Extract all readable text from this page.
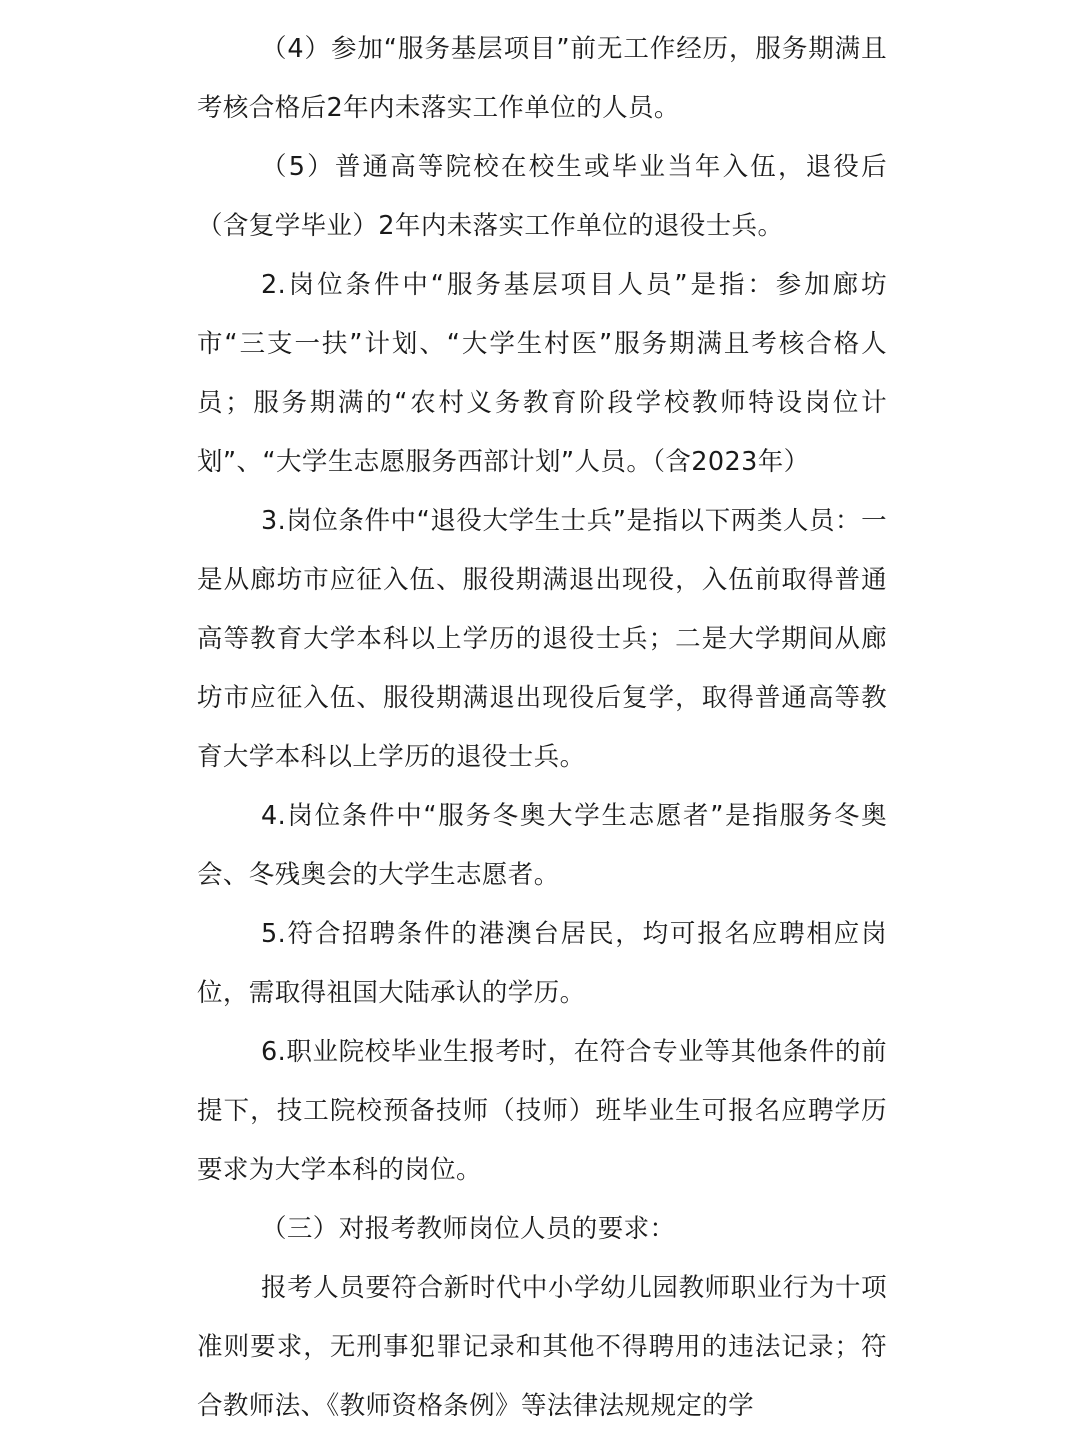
（4）参加“服务基层项目”前无工作经历，服务期满且考核合格后2年内未落实工作单位的人员。

（5）普通高等院校在校生或毕业当年入伍，退役后（含复学毕业）2年内未落实工作单位的退役士兵。

2.岗位条件中“服务基层项目人员”是指：参加廊坊市“三支一扶”计划、“大学生村医”服务期满且考核合格人员；服务期满的“农村义务教育阶段学校教师特设岗位计划”、“大学生志愿服务西部计划”人员。（含2023年）

3.岗位条件中“退役大学生士兵”是指以下两类人员：一是从廊坊市应征入伍、服役期满退出现役，入伍前取得普通高等教育大学本科以上学历的退役士兵；二是大学期间从廊坊市应征入伍、服役期满退出现役后复学，取得普通高等教育大学本科以上学历的退役士兵。

4.岗位条件中“服务冬奥大学生志愿者”是指服务冬奥会、冬残奥会的大学生志愿者。

5.符合招聘条件的港澳台居民，均可报名应聘相应岗位，需取得祖国大陆承认的学历。

6.职业院校毕业生报考时，在符合专业等其他条件的前提下，技工院校预备技师（技师）班毕业生可报名应聘学历要求为大学本科的岗位。

（三）对报考教师岗位人员的要求：

报考人员要符合新时代中小学幼儿园教师职业行为十项准则要求，无刑事犯罪记录和其他不得聘用的违法记录；符合教师法、《教师资格条例》等法律法规规定的学
